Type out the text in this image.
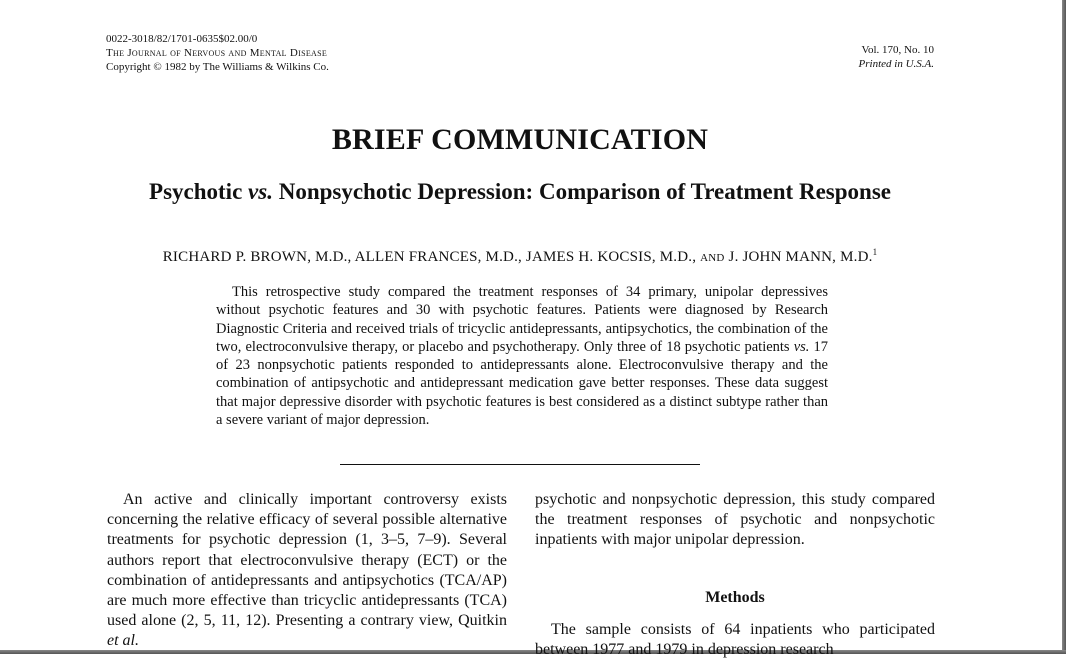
0022-3018/82/1701-0635$02.00/0
The Journal of Nervous and Mental Disease
Copyright © 1982 by The Williams & Wilkins Co.
Vol. 170, No. 10
Printed in U.S.A.
BRIEF COMMUNICATION
Psychotic vs. Nonpsychotic Depression: Comparison of Treatment Response
RICHARD P. BROWN, M.D., ALLEN FRANCES, M.D., JAMES H. KOCSIS, M.D., and J. JOHN MANN, M.D.$^1$

This retrospective study compared the treatment responses of 34 primary, unipolar depressives without psychotic features and 30 with psychotic features. Patients were diagnosed by Research Diagnostic Criteria and received trials of tricyclic antidepressants, antipsychotics, the combination of the two, electroconvulsive therapy, or placebo and psychotherapy. Only three of 18 psychotic patients vs. 17 of 23 nonpsychotic patients responded to antidepressants alone. Electroconvulsive therapy and the combination of antipsychotic and antidepressant medication gave better responses. These data suggest that major depressive disorder with psychotic features is best considered as a distinct subtype rather than a severe variant of major depression.

An active and clinically important controversy exists concerning the relative efficacy of several possible alternative treatments for psychotic depression (1, 3–5, 7–9). Several authors report that electroconvulsive therapy (ECT) or the combination of antidepressants and antipsychotics (TCA/AP) are much more effective than tricyclic antidepressants (TCA) used alone (2, 5, 11, 12). Presenting a contrary view, Quitkin et al.

psychotic and nonpsychotic depression, this study compared the treatment responses of psychotic and nonpsychotic inpatients with major unipolar depression.

Methods

The sample consists of 64 inpatients who participated between 1977 and 1979 in depression research
